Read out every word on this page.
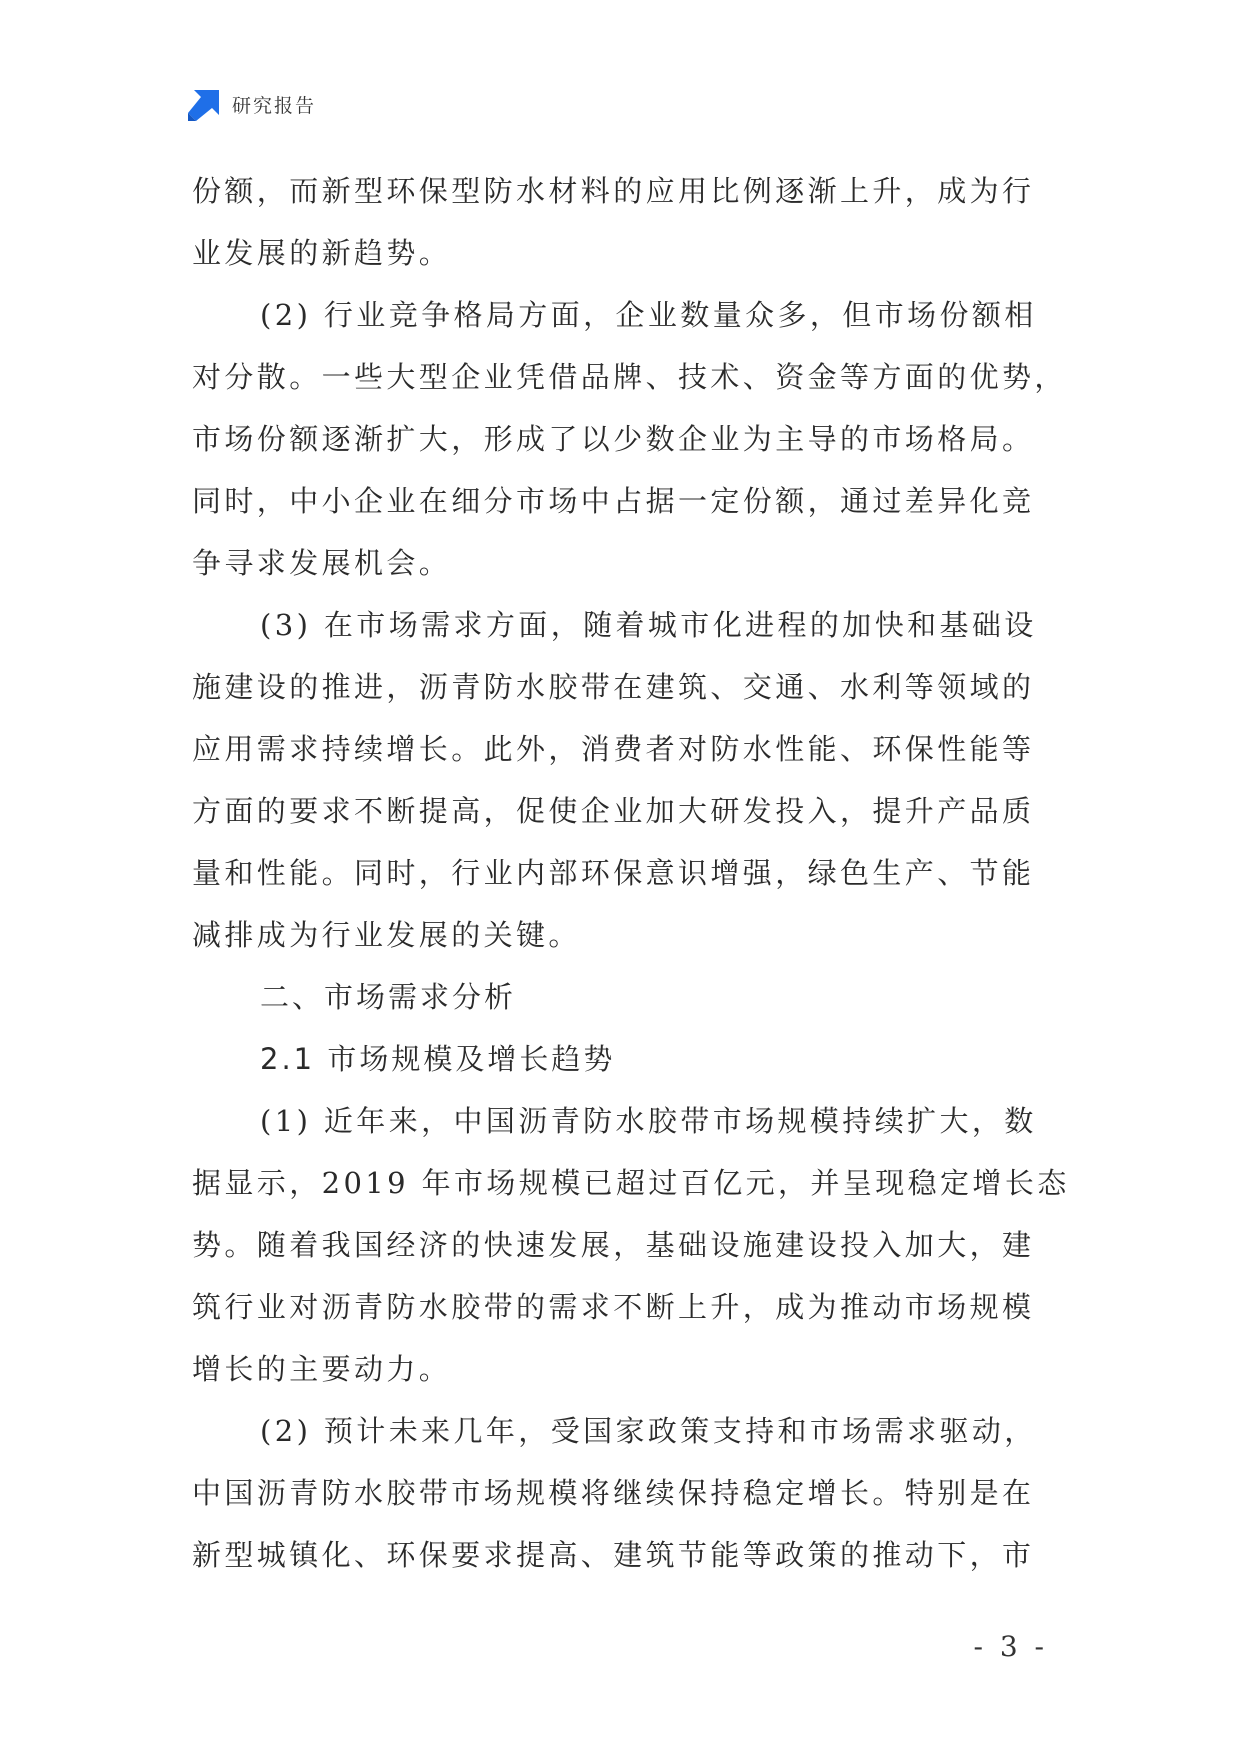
研究报告
份额，而新型环保型防水材料的应用比例逐渐上升，成为行
业发展的新趋势。
(2) 行业竞争格局方面，企业数量众多，但市场份额相
对分散。一些大型企业凭借品牌、技术、资金等方面的优势，
市场份额逐渐扩大，形成了以少数企业为主导的市场格局。
同时，中小企业在细分市场中占据一定份额，通过差异化竞
争寻求发展机会。
(3) 在市场需求方面，随着城市化进程的加快和基础设
施建设的推进，沥青防水胶带在建筑、交通、水利等领域的
应用需求持续增长。此外，消费者对防水性能、环保性能等
方面的要求不断提高，促使企业加大研发投入，提升产品质
量和性能。同时，行业内部环保意识增强，绿色生产、节能
减排成为行业发展的关键。
二、市场需求分析
2.1 市场规模及增长趋势
(1) 近年来，中国沥青防水胶带市场规模持续扩大，数
据显示，2019 年市场规模已超过百亿元，并呈现稳定增长态
势。随着我国经济的快速发展，基础设施建设投入加大，建
筑行业对沥青防水胶带的需求不断上升，成为推动市场规模
增长的主要动力。
(2) 预计未来几年，受国家政策支持和市场需求驱动，
中国沥青防水胶带市场规模将继续保持稳定增长。特别是在
新型城镇化、环保要求提高、建筑节能等政策的推动下，市
- 3 -
